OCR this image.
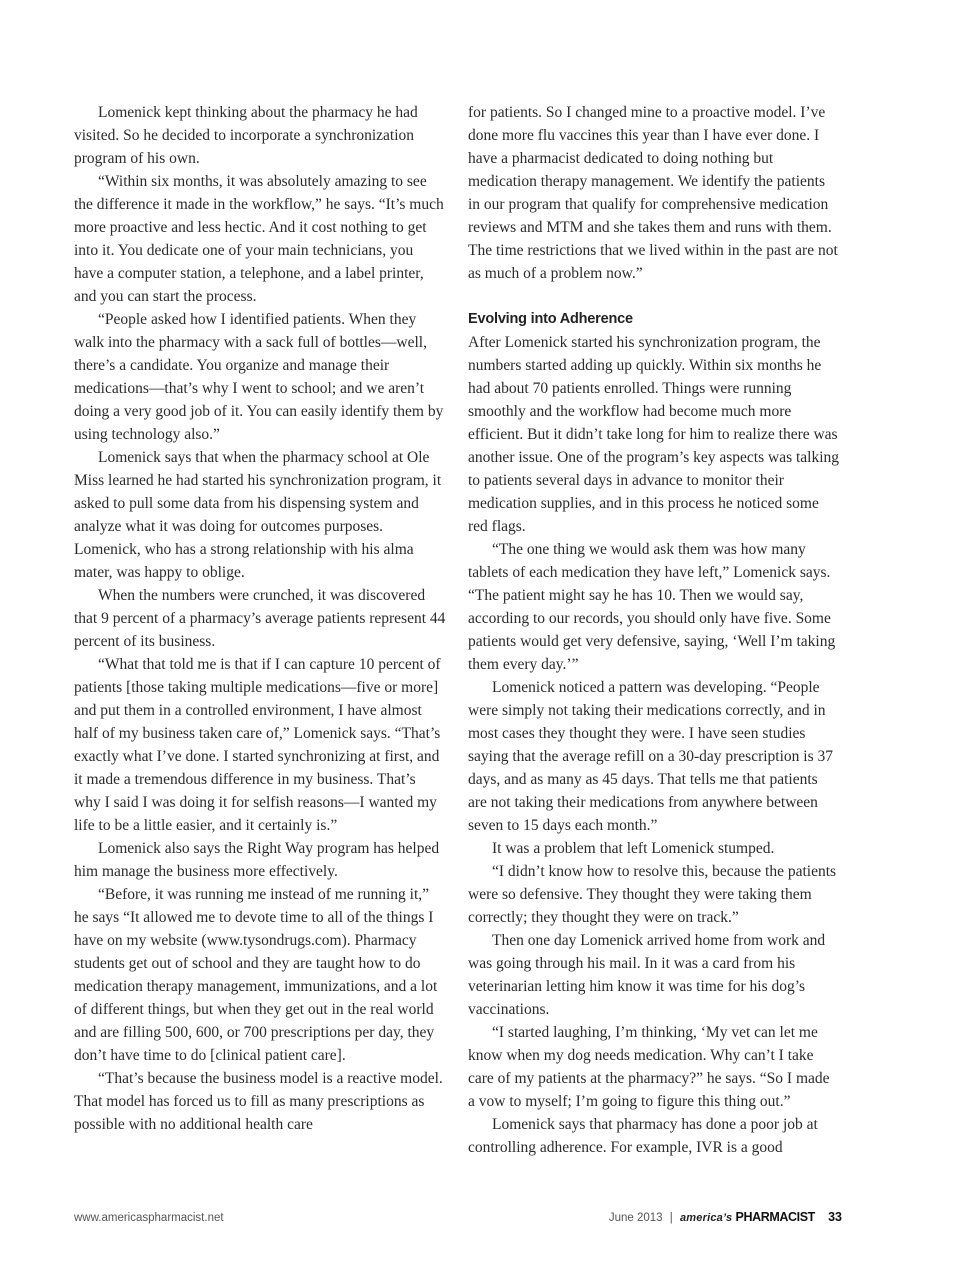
Lomenick kept thinking about the pharmacy he had visited. So he decided to incorporate a synchronization program of his own.

“Within six months, it was absolutely amazing to see the difference it made in the workflow,” he says. “It’s much more proactive and less hectic. And it cost nothing to get into it. You dedicate one of your main technicians, you have a computer station, a telephone, and a label printer, and you can start the process.

“People asked how I identified patients. When they walk into the pharmacy with a sack full of bottles—well, there’s a candidate. You organize and manage their medications—that’s why I went to school; and we aren’t doing a very good job of it. You can easily identify them by using technology also.”

Lomenick says that when the pharmacy school at Ole Miss learned he had started his synchronization program, it asked to pull some data from his dispensing system and analyze what it was doing for outcomes purposes. Lomenick, who has a strong relationship with his alma mater, was happy to oblige.

When the numbers were crunched, it was discovered that 9 percent of a pharmacy’s average patients represent 44 percent of its business.

“What that told me is that if I can capture 10 percent of patients [those taking multiple medications—five or more] and put them in a controlled environment, I have almost half of my business taken care of,” Lomenick says. “That’s exactly what I’ve done. I started synchronizing at first, and it made a tremendous difference in my business. That’s why I said I was doing it for selfish reasons—I wanted my life to be a little easier, and it certainly is.”

Lomenick also says the Right Way program has helped him manage the business more effectively.

“Before, it was running me instead of me running it,” he says “It allowed me to devote time to all of the things I have on my website (www.tysondrugs.com). Pharmacy students get out of school and they are taught how to do medication therapy management, immunizations, and a lot of different things, but when they get out in the real world and are filling 500, 600, or 700 prescriptions per day, they don’t have time to do [clinical patient care].

“That’s because the business model is a reactive model. That model has forced us to fill as many prescriptions as possible with no additional health care

for patients. So I changed mine to a proactive model. I’ve done more flu vaccines this year than I have ever done. I have a pharmacist dedicated to doing nothing but medication therapy management. We identify the patients in our program that qualify for comprehensive medication reviews and MTM and she takes them and runs with them. The time restrictions that we lived within in the past are not as much of a problem now.”

Evolving into Adherence

After Lomenick started his synchronization program, the numbers started adding up quickly. Within six months he had about 70 patients enrolled. Things were running smoothly and the workflow had become much more efficient. But it didn’t take long for him to realize there was another issue. One of the program’s key aspects was talking to patients several days in advance to monitor their medication supplies, and in this process he noticed some red flags.

“The one thing we would ask them was how many tablets of each medication they have left,” Lomenick says. “The patient might say he has 10. Then we would say, according to our records, you should only have five. Some patients would get very defensive, saying, ‘Well I’m taking them every day.’”

Lomenick noticed a pattern was developing. “People were simply not taking their medications correctly, and in most cases they thought they were. I have seen studies saying that the average refill on a 30-day prescription is 37 days, and as many as 45 days. That tells me that patients are not taking their medications from anywhere between seven to 15 days each month.”

It was a problem that left Lomenick stumped.

“I didn’t know how to resolve this, because the patients were so defensive. They thought they were taking them correctly; they thought they were on track.”

Then one day Lomenick arrived home from work and was going through his mail. In it was a card from his veterinarian letting him know it was time for his dog’s vaccinations.

“I started laughing, I’m thinking, ‘My vet can let me know when my dog needs medication. Why can’t I take care of my patients at the pharmacy?” he says. “So I made a vow to myself; I’m going to figure this thing out.”

Lomenick says that pharmacy has done a poor job at controlling adherence. For example, IVR is a good

www.americaspharmacist.net	June 2013 | america’s PHARMACIST 33
